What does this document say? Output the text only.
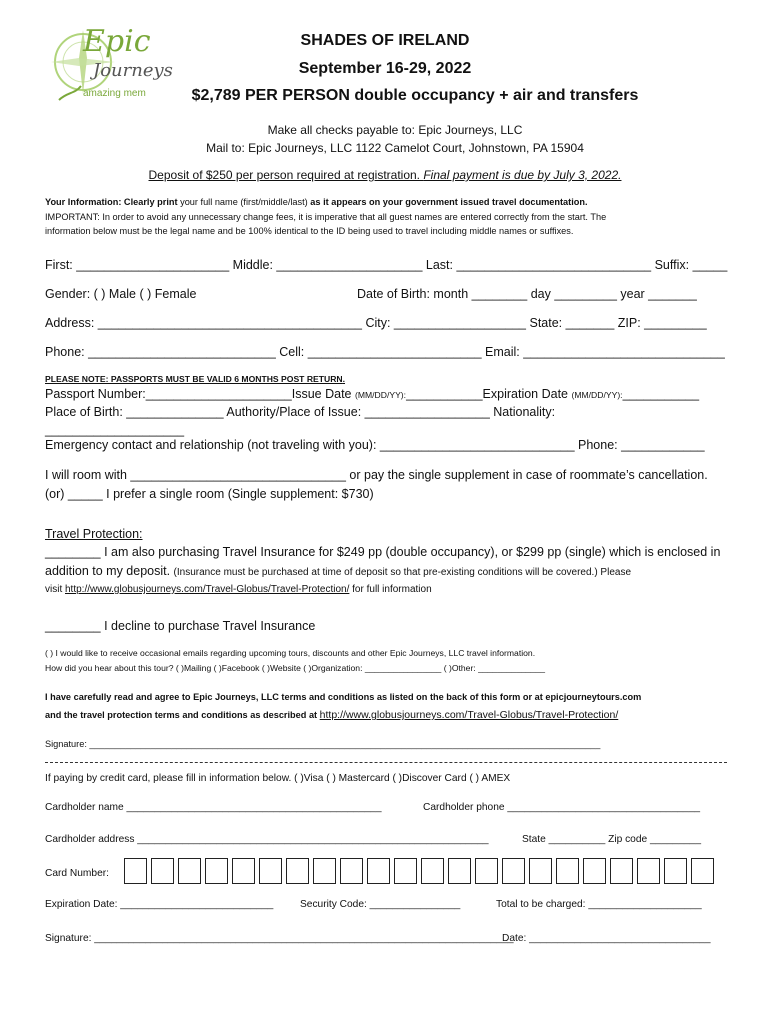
Epic
Journeys
amazing mem
SHADES OF IRELAND
September 16-29, 2022
$2,789 PER PERSON double occupancy + air and transfers
Make all checks payable to: Epic Journeys, LLC
Mail to: Epic Journeys, LLC 1122 Camelot Court, Johnstown, PA 15904
Deposit of $250 per person required at registration. Final payment is due by July 3, 2022.
Your Information: Clearly print your full name (first/middle/last) as it appears on your government issued travel documentation.
IMPORTANT: In order to avoid any unnecessary change fees, it is imperative that all guest names are entered correctly from the start. The
information below must be the legal name and be 100% identical to the ID being used to travel including middle names or suffixes.
First: ______________________ Middle: _____________________ Last: ____________________________ Suffix: _____
Gender: ( ) Male ( ) Female	Date of Birth: month ________ day _________ year _______
Address: ______________________________________ City: ___________________ State: _______ ZIP: _________
Phone: ___________________________ Cell: _________________________ Email: _____________________________
PLEASE NOTE: PASSPORTS MUST BE VALID 6 MONTHS POST RETURN.
Passport Number:_____________________Issue Date (MM/DD/YY):___________Expiration Date (MM/DD/YY):___________
Place of Birth: ______________ Authority/Place of Issue: __________________ Nationality:
____________________
Emergency contact and relationship (not traveling with you): ____________________________ Phone: ____________
I will room with _______________________________ or pay the single supplement in case of roommate’s cancellation.
(or) _____ I prefer a single room (Single supplement: $730)
Travel Protection:
________ I am also purchasing Travel Insurance for $249 pp (double occupancy), or $299 pp (single) which is enclosed in
addition to my deposit. (Insurance must be purchased at time of deposit so that pre-existing conditions will be covered.) Please
visit http://www.globusjourneys.com/Travel-Globus/Travel-Protection/ for full information
________ I decline to purchase Travel Insurance
( ) I would like to receive occasional emails regarding upcoming tours, discounts and other Epic Journeys, LLC travel information.
How did you hear about this tour? ( )Mailing ( )Facebook ( )Website ( )Organization: ________________ ( )Other: ______________
I have carefully read and agree to Epic Journeys, LLC terms and conditions as listed on the back of this form or at epicjourneytours.com
and the travel protection terms and conditions as described at http://www.globusjourneys.com/Travel-Globus/Travel-Protection/
Signature: ____________________________________________________________________________________________________
If paying by credit card, please fill in information below. ( )Visa ( ) Mastercard ( )Discover Card ( ) AMEX
Cardholder name _____________________________________________	Cardholder phone __________________________________
Cardholder address ______________________________________________________________	State __________ Zip code _________
Card Number:
Expiration Date: ___________________________	Security Code: ________________	Total to be charged: ____________________
Signature: __________________________________________________________________________
Date: ________________________________
